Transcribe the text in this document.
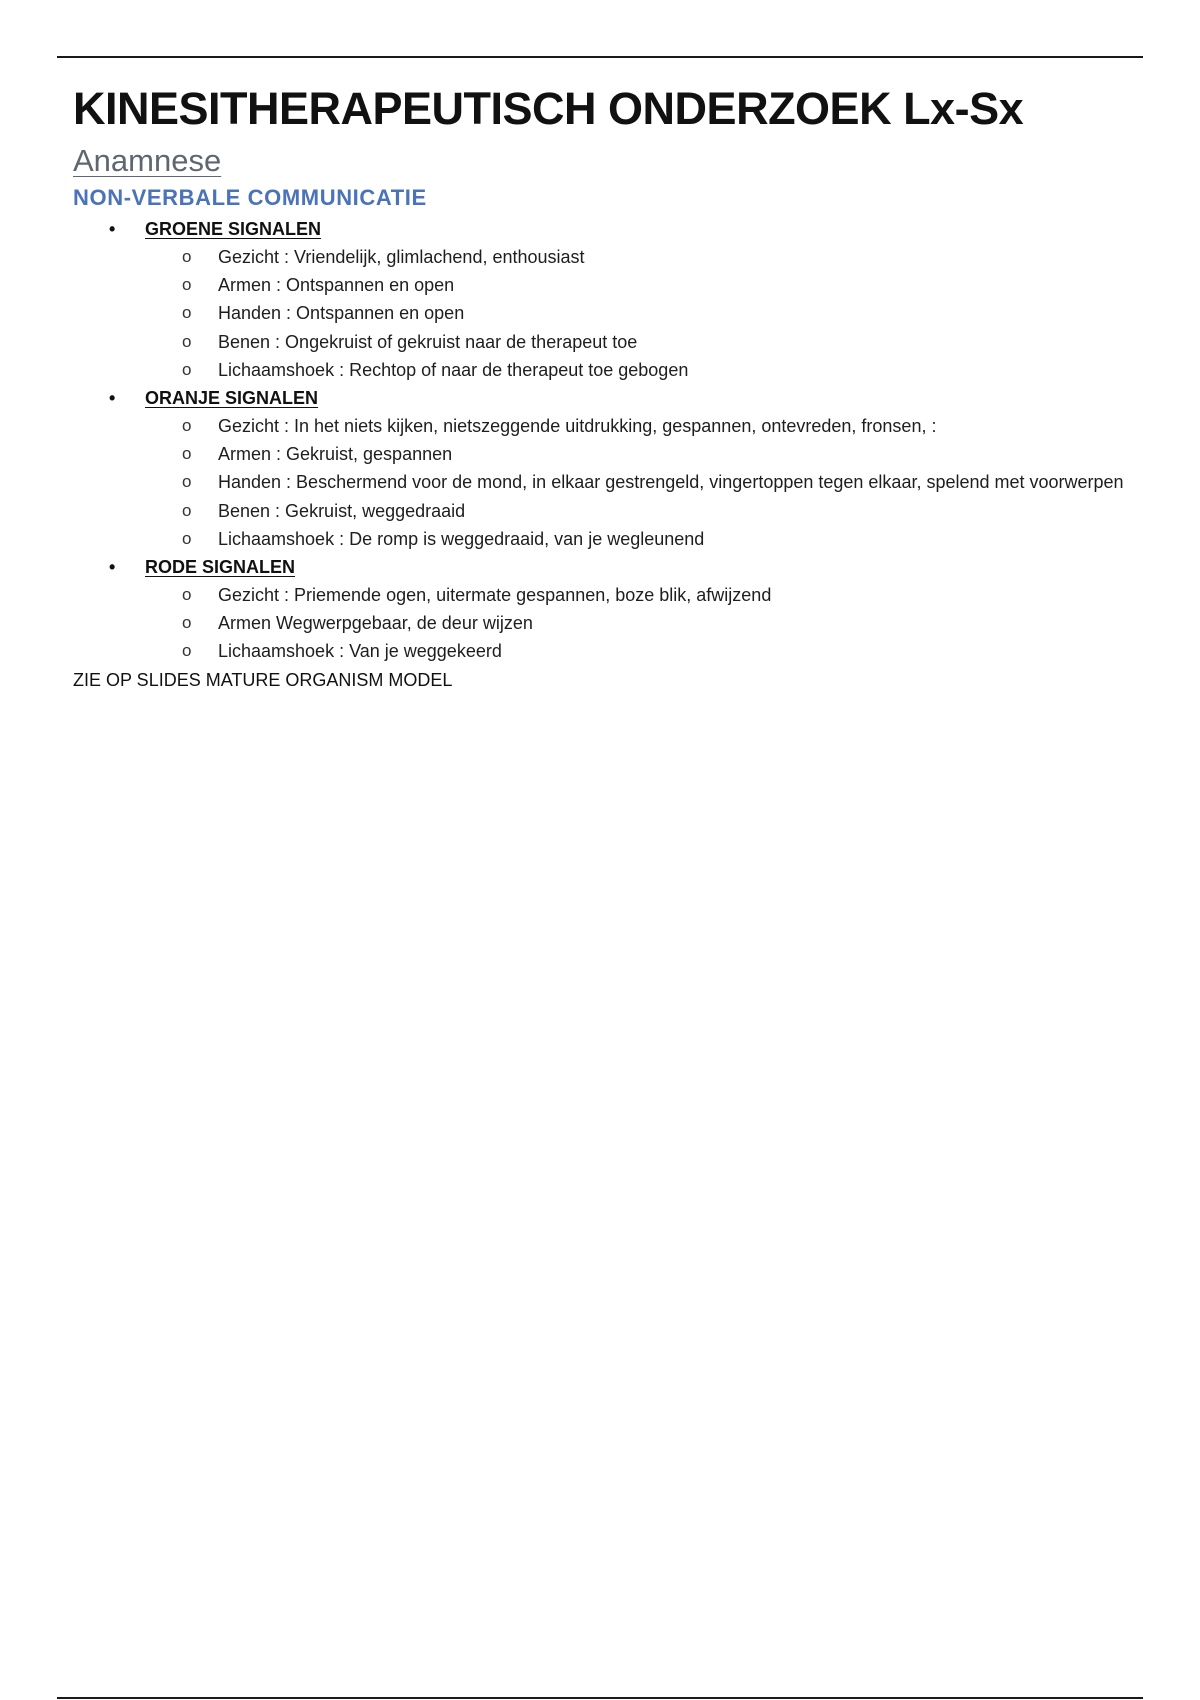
KINESITHERAPEUTISCH ONDERZOEK Lx-Sx
Anamnese
NON-VERBALE COMMUNICATIE
• GROENE SIGNALEN
o Gezicht : Vriendelijk, glimlachend, enthousiast
o Armen : Ontspannen en open
o Handen : Ontspannen en open
o Benen : Ongekruist of gekruist naar de therapeut toe
o Lichaamshoek : Rechtop of naar de therapeut toe gebogen
• ORANJE SIGNALEN
o Gezicht : In het niets kijken, nietszeggende uitdrukking, gespannen, ontevreden, fronsen, :
o Armen : Gekruist, gespannen
o Handen : Beschermend voor de mond, in elkaar gestrengeld, vingertoppen tegen elkaar, spelend met voorwerpen
o Benen : Gekruist, weggedraaid
o Lichaamshoek : De romp is weggedraaid, van je wegleunend
• RODE SIGNALEN
o Gezicht : Priemende ogen, uitermate gespannen, boze blik, afwijzend
o Armen Wegwerpgebaar, de deur wijzen
o Lichaamshoek : Van je weggekeerd
ZIE OP SLIDES MATURE ORGANISM MODEL
